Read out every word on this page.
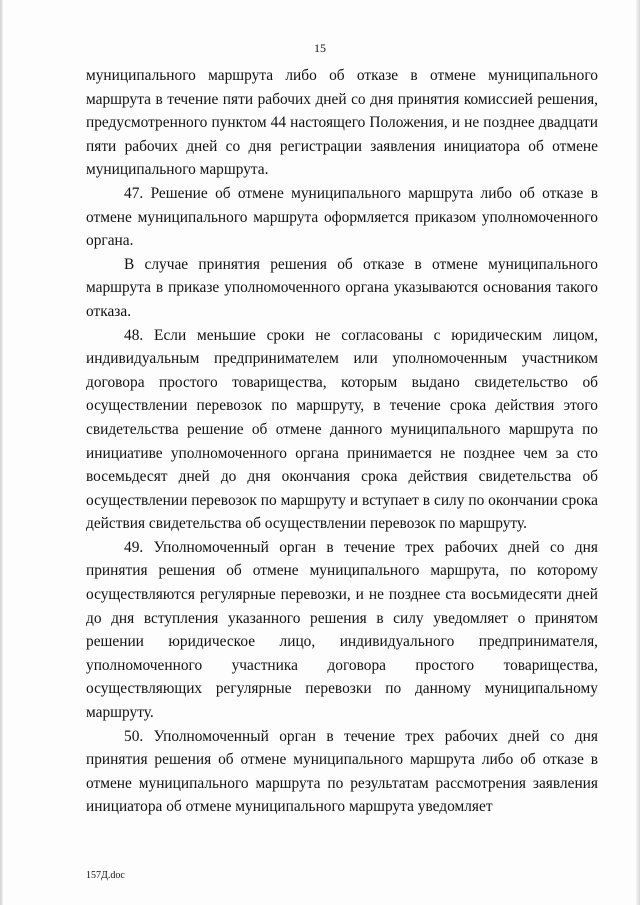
15

муниципального маршрута либо об отказе в отмене муниципального маршрута в течение пяти рабочих дней со дня принятия комиссией решения, предусмотренного пунктом 44 настоящего Положения, и не позднее двадцати пяти рабочих дней со дня регистрации заявления инициатора об отмене муниципального маршрута.

47. Решение об отмене муниципального маршрута либо об отказе в отмене муниципального маршрута оформляется приказом уполномоченного органа.

В случае принятия решения об отказе в отмене муниципального маршрута в приказе уполномоченного органа указываются основания такого отказа.

48. Если меньшие сроки не согласованы с юридическим лицом, индивидуальным предпринимателем или уполномоченным участником договора простого товарищества, которым выдано свидетельство об осуществлении перевозок по маршруту, в течение срока действия этого свидетельства решение об отмене данного муниципального маршрута по инициативе уполномоченного органа принимается не позднее чем за сто восемьдесят дней до дня окончания срока действия свидетельства об осуществлении перевозок по маршруту и вступает в силу по окончании срока действия свидетельства об осуществлении перевозок по маршруту.

49. Уполномоченный орган в течение трех рабочих дней со дня принятия решения об отмене муниципального маршрута, по которому осуществляются регулярные перевозки, и не позднее ста восьмидесяти дней до дня вступления указанного решения в силу уведомляет о принятом решении юридическое лицо, индивидуального предпринимателя, уполномоченного участника договора простого товарищества, осуществляющих регулярные перевозки по данному муниципальному маршруту.

50. Уполномоченный орган в течение трех рабочих дней со дня принятия решения об отмене муниципального маршрута либо об отказе в отмене муниципального маршрута по результатам рассмотрения заявления инициатора об отмене муниципального маршрута уведомляет

157Д.doc
